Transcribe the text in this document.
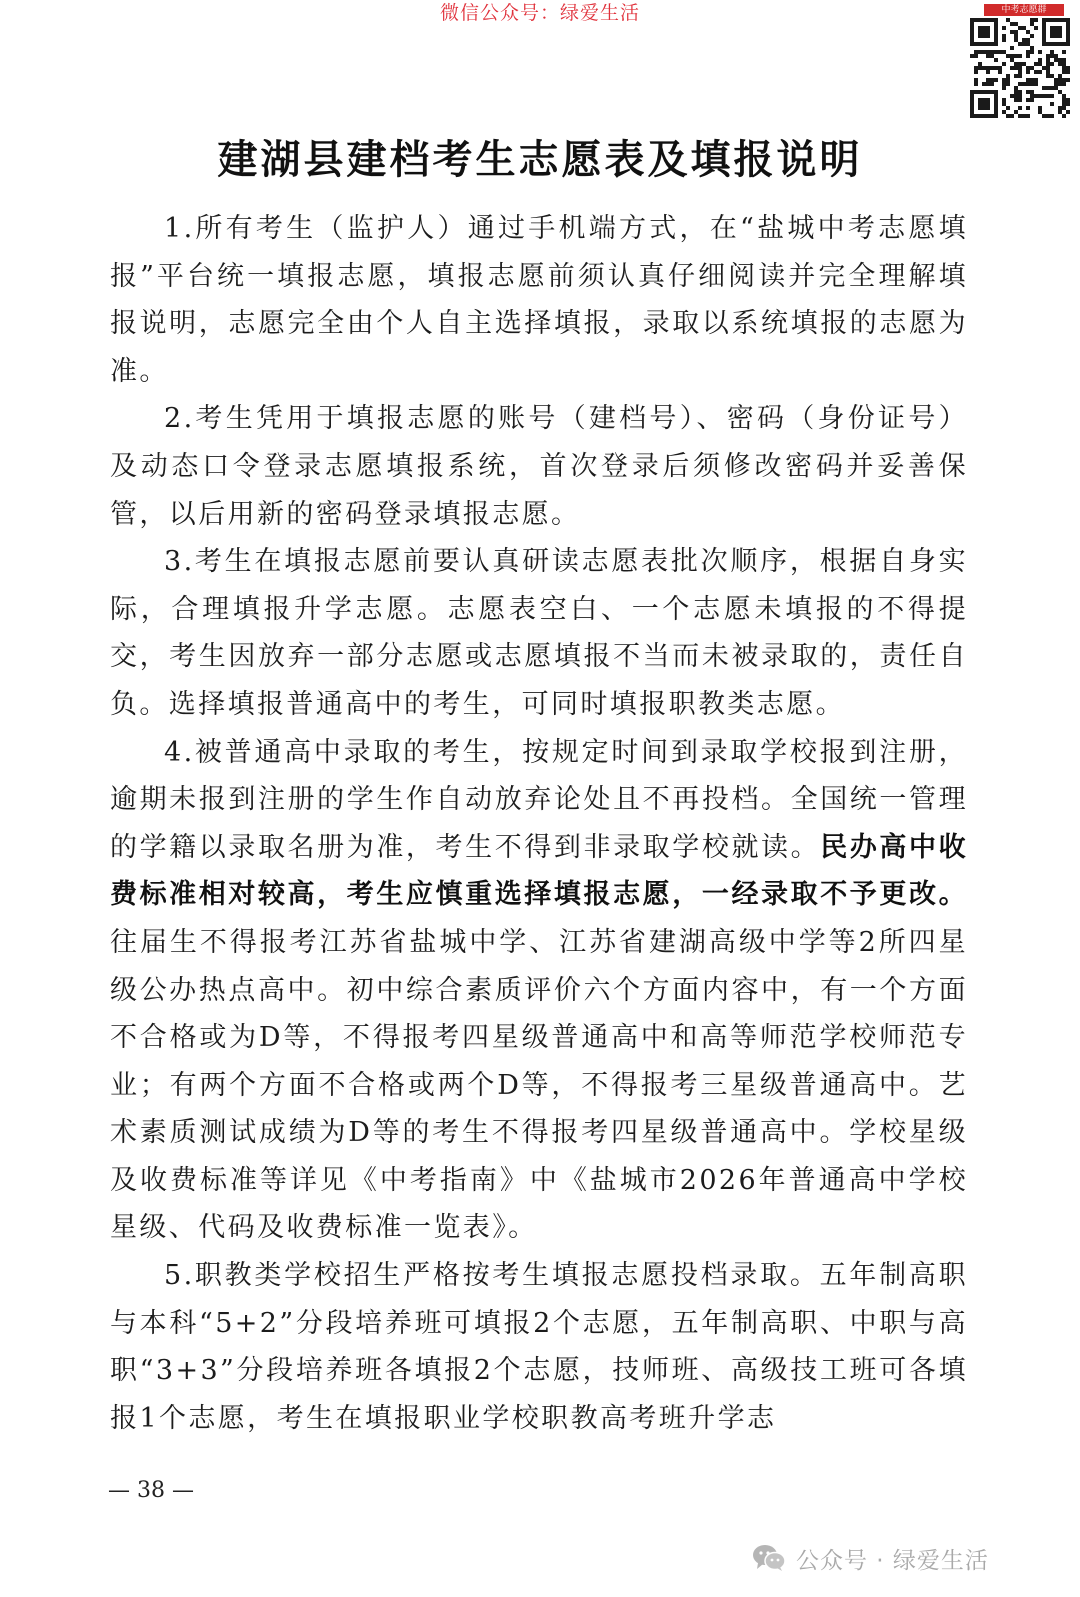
微信公众号：绿爱生活	中考志愿群
建湖县建档考生志愿表及填报说明

1.所有考生（监护人）通过手机端方式，在“盐城中考志愿填报”平台统一填报志愿，填报志愿前须认真仔细阅读并完全理解填报说明，志愿完全由个人自主选择填报，录取以系统填报的志愿为准。

2.考生凭用于填报志愿的账号（建档号）、密码（身份证号）及动态口令登录志愿填报系统，首次登录后须修改密码并妥善保管，以后用新的密码登录填报志愿。

3.考生在填报志愿前要认真研读志愿表批次顺序，根据自身实际，合理填报升学志愿。志愿表空白、一个志愿未填报的不得提交，考生因放弃一部分志愿或志愿填报不当而未被录取的，责任自负。选择填报普通高中的考生，可同时填报职教类志愿。

4.被普通高中录取的考生，按规定时间到录取学校报到注册，逾期未报到注册的学生作自动放弃论处且不再投档。全国统一管理的学籍以录取名册为准，考生不得到非录取学校就读。民办高中收费标准相对较高，考生应慎重选择填报志愿，一经录取不予更改。往届生不得报考江苏省盐城中学、江苏省建湖高级中学等2所四星级公办热点高中。初中综合素质评价六个方面内容中，有一个方面不合格或为D等，不得报考四星级普通高中和高等师范学校师范专业；有两个方面不合格或两个D等，不得报考三星级普通高中。艺术素质测试成绩为D等的考生不得报考四星级普通高中。学校星级及收费标准等详见《中考指南》中《盐城市2026年普通高中学校星级、代码及收费标准一览表》。

5.职教类学校招生严格按考生填报志愿投档录取。五年制高职与本科“5+2”分段培养班可填报2个志愿，五年制高职、中职与高职“3+3”分段培养班各填报2个志愿，技师班、高级技工班可各填报1个志愿，考生在填报职业学校职教高考班升学志

— 38 —
公众号 · 绿爱生活
